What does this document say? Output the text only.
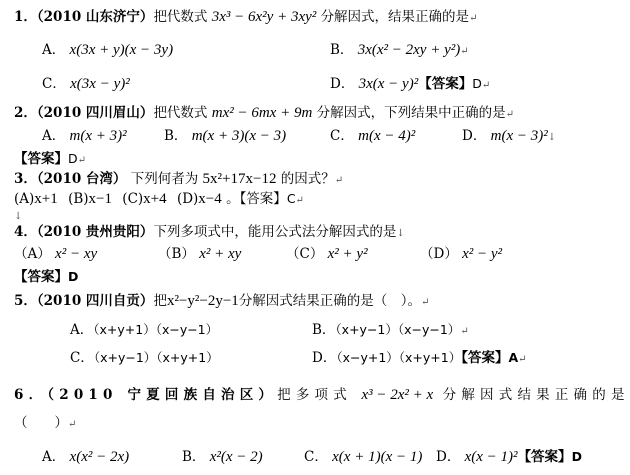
1．（2010 山东济宁）把代数式 3x³ − 6x²y + 3xy² 分解因式，结果正确的是↵
A． x(3x + y)(x − 3y)	B． 3x(x² − 2xy + y²)↵
C． x(3x − y)²	D． 3x(x − y)²【答案】D↵
2．（2010 四川眉山）把代数式 mx² − 6mx + 9m 分解因式，下列结果中正确的是↵
A． m(x + 3)²	B． m(x + 3)(x − 3)	C． m(x − 4)²	D． m(x − 3)²↓
【答案】D↵
3．（2010 台湾） 下列何者为 5x²+17x−12 的因式？↵
(A)x+1 (B)x−1 (C)x+4 (D)x−4 。【答案】C↵
↓
4．（2010 贵州贵阳）下列多项式中，能用公式法分解因式的是↓
（A） x² − xy	（B） x² + xy	（C） x² + y²	（D） x² − y²
【答案】D
5．（2010 四川自贡）把x²−y²−2y−1分解因式结果正确的是（　）。↵
A．（x+y+1）（x−y−1）	B．（x+y−1）（x−y−1）↵
C．（x+y−1）（x+y+1）	D．（x−y+1）（x+y+1）【答案】A↵
6．（2010 宁夏回族自治区）把多项式 x³ − 2x² + x 分解因式结果正确的是
（　　）↵
A． x(x² − 2x)	B． x²(x − 2)	C． x(x + 1)(x − 1) D． x(x − 1)²【答案】D
